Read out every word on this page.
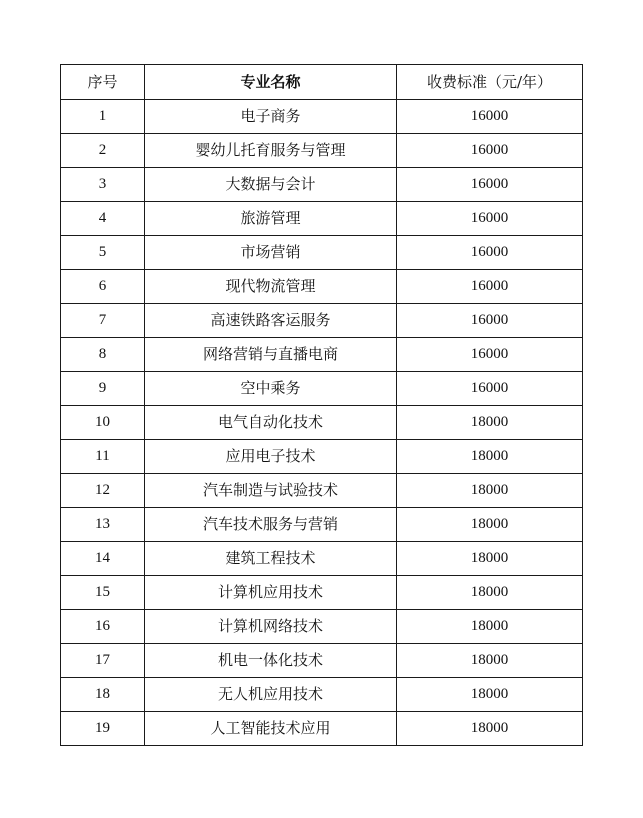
序号	专业名称	收费标准（元/年）
1	电子商务	16000
2	婴幼儿托育服务与管理	16000
3	大数据与会计	16000
4	旅游管理	16000
5	市场营销	16000
6	现代物流管理	16000
7	高速铁路客运服务	16000
8	网络营销与直播电商	16000
9	空中乘务	16000
10	电气自动化技术	18000
11	应用电子技术	18000
12	汽车制造与试验技术	18000
13	汽车技术服务与营销	18000
14	建筑工程技术	18000
15	计算机应用技术	18000
16	计算机网络技术	18000
17	机电一体化技术	18000
18	无人机应用技术	18000
19	人工智能技术应用	18000
